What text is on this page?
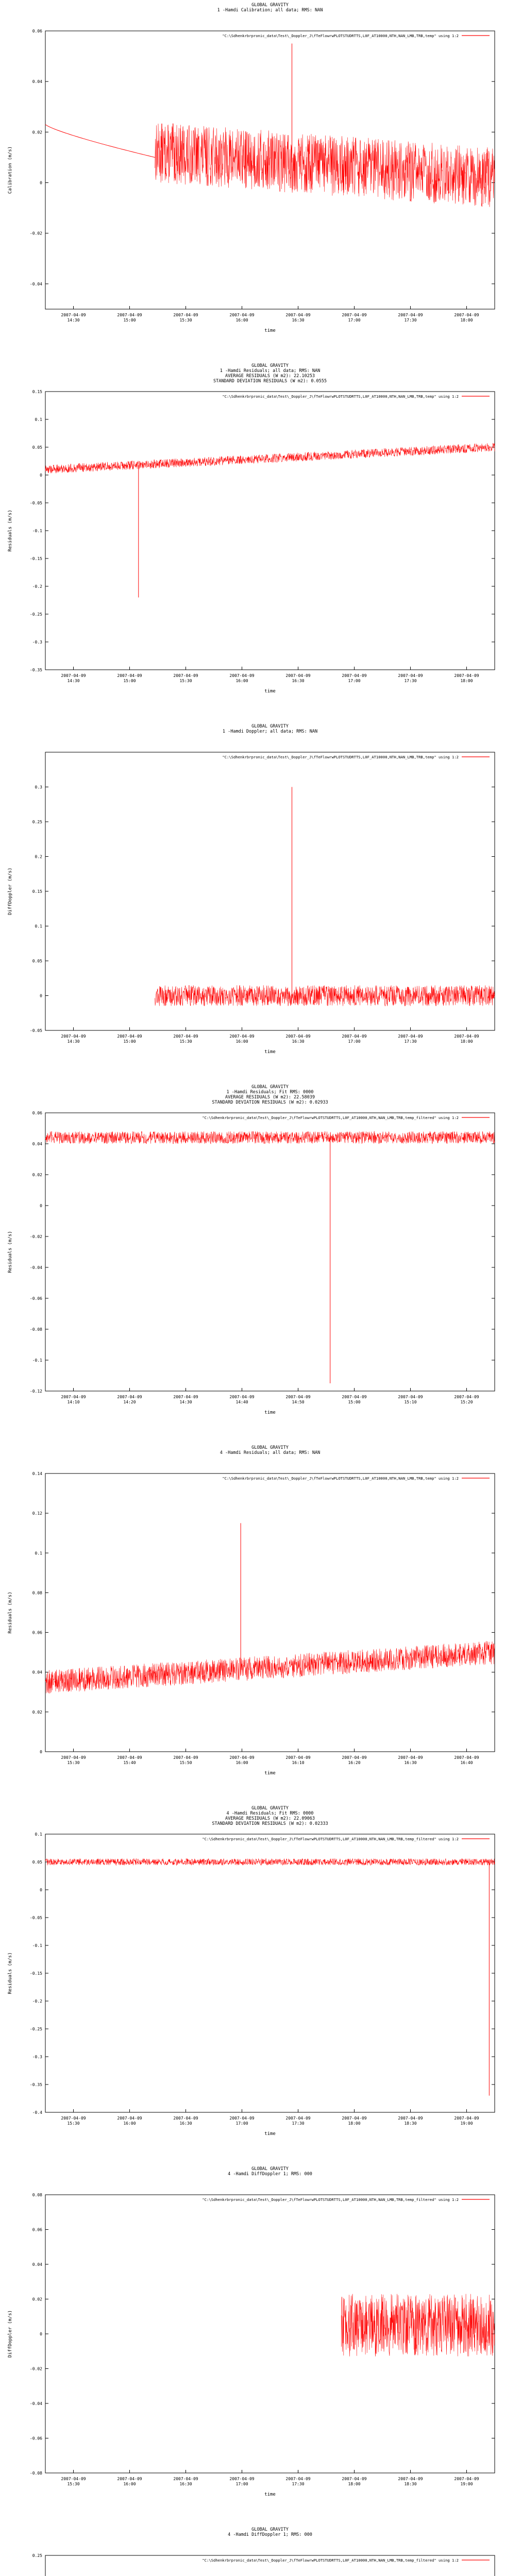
GLOBAL GRAVITY
1 -Hamdi Calibration; all data; RMS: NAN
0.06
0.04
0.02
0
-0.02
-0.04
2007-04-09
14:30
2007-04-09
15:00
2007-04-09
15:30
2007-04-09
16:00
2007-04-09
16:30
2007-04-09
17:00
2007-04-09
17:30
2007-04-09
18:00
time
Calibration (m/s)
"C:\Sdhenkrbrpronic_data\Test\_Doppler_J\fTeFlowrwPLOTSTUDRTTS,L0F_AT10000,NTH,NAN_LMB,TRB,temp" using 1:2
GLOBAL GRAVITY
1 -Hamdi Residuals; all data; RMS: NAN
AVERAGE RESIDUALS (W m2): 22.10253
STANDARD DEVIATION RESIDUALS (W m2): 0.0555
0.15
0.1
0.05
0
-0.05
-0.1
-0.15
-0.2
-0.25
-0.3
-0.35
2007-04-09
14:30
2007-04-09
15:00
2007-04-09
15:30
2007-04-09
16:00
2007-04-09
16:30
2007-04-09
17:00
2007-04-09
17:30
2007-04-09
18:00
time
Residuals (m/s)
"C:\Sdhenkrbrpronic_data\Test\_Doppler_J\fTeFlowrwPLOTSTUDRTTS,L0F_AT10000,NTH,NAN_LMB,TRB,temp" using 1:2
GLOBAL GRAVITY
1 -Hamdi Doppler; all data; RMS: NAN
0.3
0.25
0.2
0.15
0.1
0.05
0
-0.05
2007-04-09
14:30
2007-04-09
15:00
2007-04-09
15:30
2007-04-09
16:00
2007-04-09
16:30
2007-04-09
17:00
2007-04-09
17:30
2007-04-09
18:00
time
DiffDoppler (m/s)
"C:\Sdhenkrbrpronic_data\Test\_Doppler_J\fTeFlowrwPLOTSTUDRTTS,L0F_AT10000,NTH,NAN_LMB,TRB,temp" using 1:2
GLOBAL GRAVITY
1 -Hamdi Residuals; Fit RMS: 0000
AVERAGE RESIDUALS (W m2): 22.58039
STANDARD DEVIATION RESIDUALS (W m2): 0.02933
0.06
0.04
0.02
0
-0.02
-0.04
-0.06
-0.08
-0.1
-0.12
2007-04-09
14:10
2007-04-09
14:20
2007-04-09
14:30
2007-04-09
14:40
2007-04-09
14:50
2007-04-09
15:00
2007-04-09
15:10
2007-04-09
15:20
time
Residuals (m/s)
"C:\Sdhenkrbrpronic_data\Test\_Doppler_J\fTeFlowrwPLOTSTUDRTTS,L0F_AT10000,NTH,NAN_LMB,TRB,temp_filtered" using 1:2
GLOBAL GRAVITY
4 -Hamdi Residuals; all data; RMS: NAN
0.14
0.12
0.1
0.08
0.06
0.04
0.02
0
2007-04-09
15:30
2007-04-09
15:40
2007-04-09
15:50
2007-04-09
16:00
2007-04-09
16:10
2007-04-09
16:20
2007-04-09
16:30
2007-04-09
16:40
time
Residuals (m/s)
"C:\Sdhenkrbrpronic_data\Test\_Doppler_J\fTeFlowrwPLOTSTUDRTTS,L0F_AT10000,NTH,NAN_LMB,TRB,temp" using 1:2
GLOBAL GRAVITY
4 -Hamdi Residuals; Fit RMS: 0000
AVERAGE RESIDUALS (W m2): 22.09063
STANDARD DEVIATION RESIDUALS (W m2): 0.02333
0.1
0.05
0
-0.05
-0.1
-0.15
-0.2
-0.25
-0.3
-0.35
-0.4
2007-04-09
15:30
2007-04-09
16:00
2007-04-09
16:30
2007-04-09
17:00
2007-04-09
17:30
2007-04-09
18:00
2007-04-09
18:30
2007-04-09
19:00
time
Residuals (m/s)
"C:\Sdhenkrbrpronic_data\Test\_Doppler_J\fTeFlowrwPLOTSTUDRTTS,L0F_AT10000,NTH,NAN_LMB,TRB,temp_filtered" using 1:2
GLOBAL GRAVITY
4 -Hamdi DiffDoppler 1; RMS: 000
0.08
0.06
0.04
0.02
0
-0.02
-0.04
-0.06
-0.08
2007-04-09
15:30
2007-04-09
16:00
2007-04-09
16:30
2007-04-09
17:00
2007-04-09
17:30
2007-04-09
18:00
2007-04-09
18:30
2007-04-09
19:00
time
DiffDoppler (m/s)
"C:\Sdhenkrbrpronic_data\Test\_Doppler_J\fTeFlowrwPLOTSTUDRTTS,L0F_AT10000,NTH,NAN_LMB,TRB,temp_filtered" using 1:2
GLOBAL GRAVITY
4 -Hamdi DiffDoppler 1; RMS: 000
0.25
"C:\Sdhenkrbrpronic_data\Test\_Doppler_J\fTeFlowrwPLOTSTUDRTTS,L0F_AT10000,NTH,NAN_LMB,TRB,temp_filtered" using 1:2
